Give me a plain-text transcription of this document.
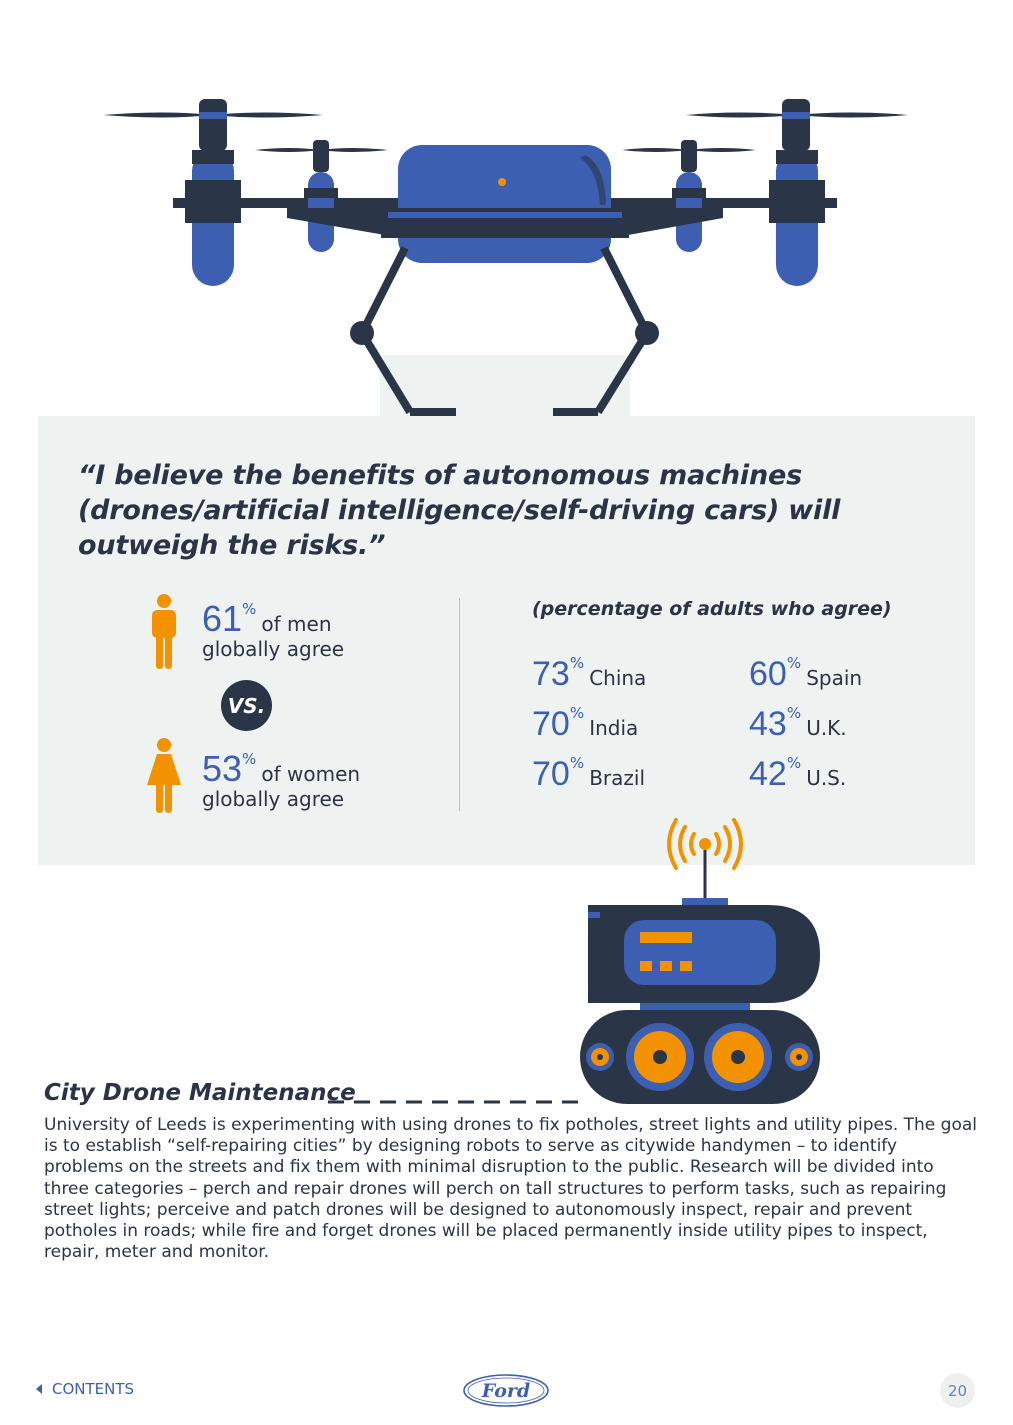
“I believe the benefits of autonomous machines (drones/artificial intelligence/self-driving cars) will outweigh the risks.”

61% of men
globally agree
VS.
53% of women
globally agree

(percentage of adults who agree)

73% China
70% India
70% Brazil
60% Spain
43% U.K.
42% U.S.
City Drone Maintenance

University of Leeds is experimenting with using drones to fix potholes, street lights and utility pipes. The goal is to establish “self-repairing cities” by designing robots to serve as citywide handymen – to identify problems on the streets and fix them with minimal disruption to the public. Research will be divided into three categories – perch and repair drones will perch on tall structures to perform tasks, such as repairing street lights; perceive and patch drones will be designed to autonomously inspect, repair and prevent potholes in roads; while fire and forget drones will be placed permanently inside utility pipes to inspect, repair, meter and monitor.

CONTENTS	Ford	20
